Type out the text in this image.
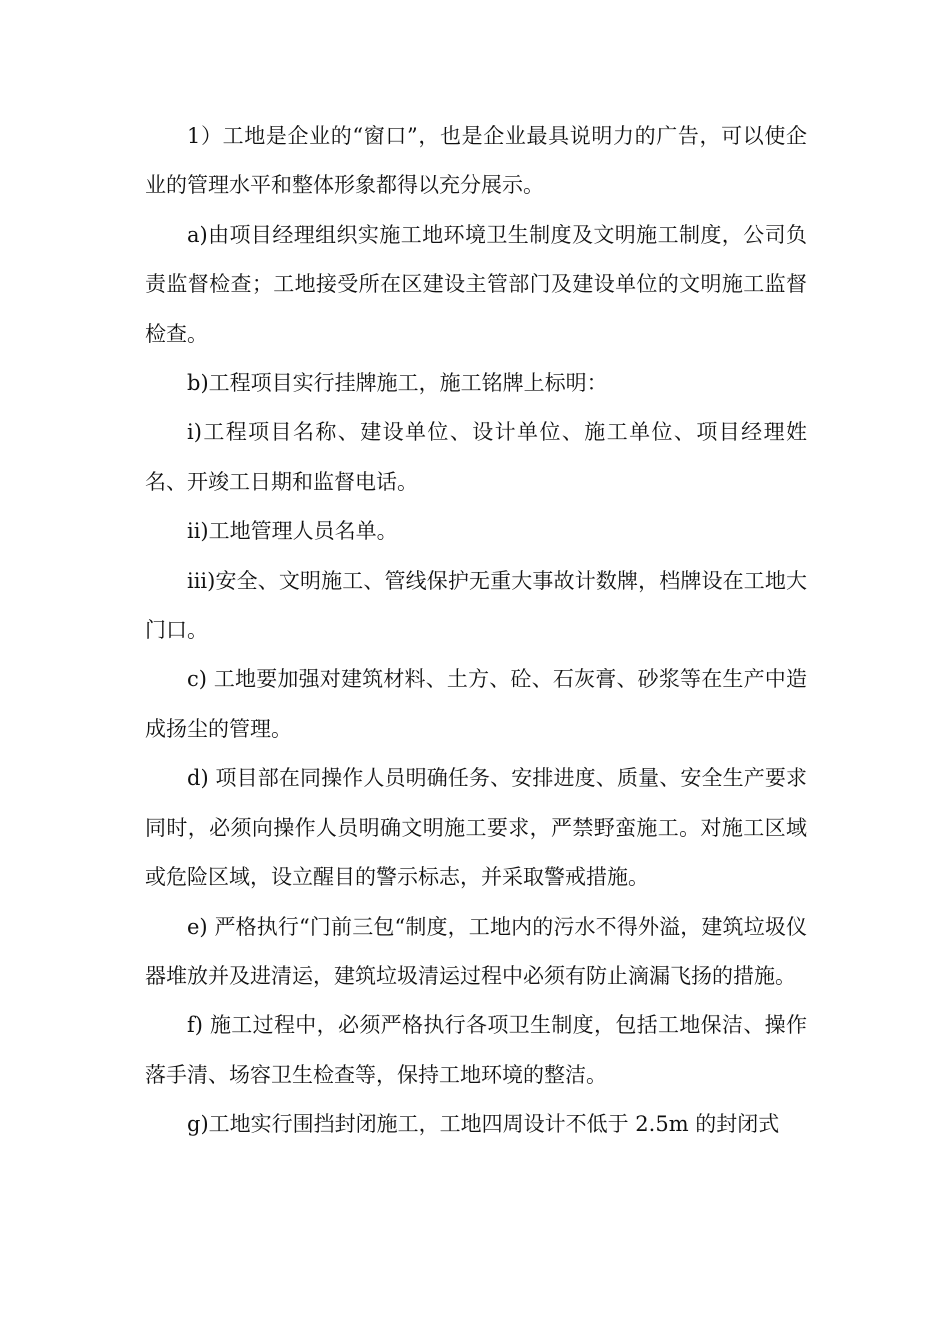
1）工地是企业的“窗口”，也是企业最具说明力的广告，可以使企业的管理水平和整体形象都得以充分展示。

a)由项目经理组织实施工地环境卫生制度及文明施工制度，公司负责监督检查；工地接受所在区建设主管部门及建设单位的文明施工监督检查。

b)工程项目实行挂牌施工，施工铭牌上标明：

i)工程项目名称、建设单位、设计单位、施工单位、项目经理姓名、开竣工日期和监督电话。

ii)工地管理人员名单。

iii)安全、文明施工、管线保护无重大事故计数牌，档牌设在工地大门口。

c) 工地要加强对建筑材料、土方、砼、石灰膏、砂浆等在生产中造成扬尘的管理。

d) 项目部在同操作人员明确任务、安排进度、质量、安全生产要求同时，必须向操作人员明确文明施工要求，严禁野蛮施工。对施工区域或危险区域，设立醒目的警示标志，并采取警戒措施。

e) 严格执行“门前三包“制度，工地内的污水不得外溢，建筑垃圾仪器堆放并及进清运，建筑垃圾清运过程中必须有防止滴漏飞扬的措施。

f) 施工过程中，必须严格执行各项卫生制度，包括工地保洁、操作落手清、场容卫生检查等，保持工地环境的整洁。

g)工地实行围挡封闭施工，工地四周设计不低于 2.5m 的封闭式
